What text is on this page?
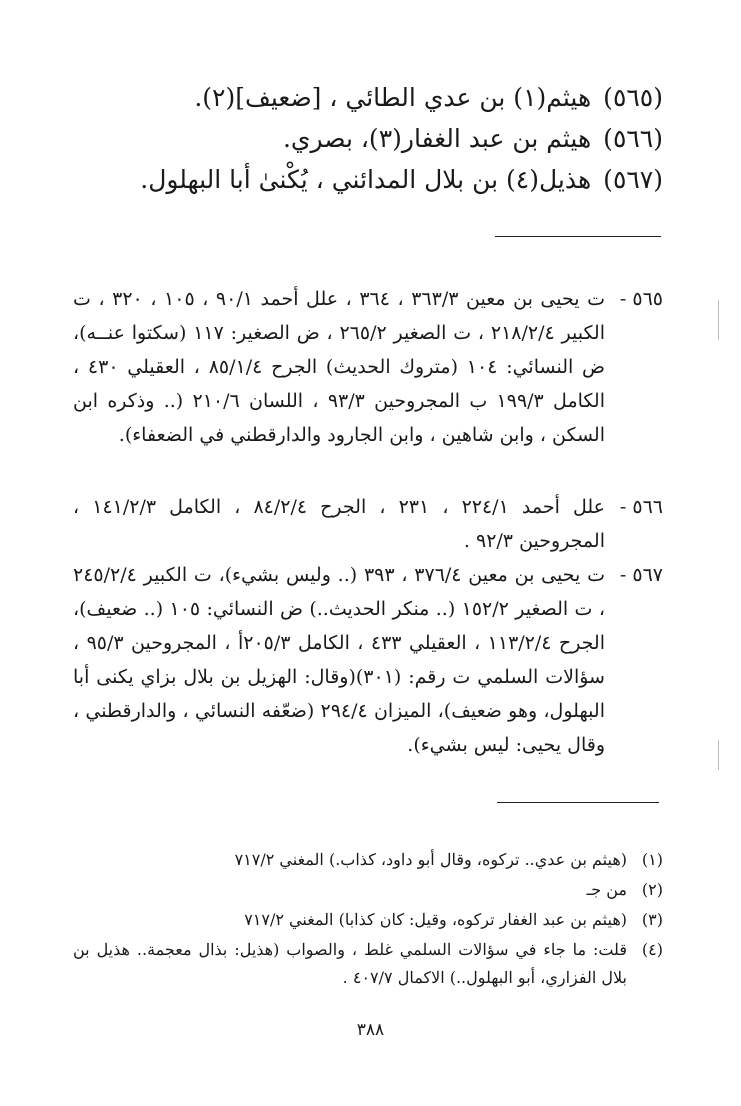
(٥٦٥)هيثم(١) بن عدي الطائي ، [ضعيف](٢).
(٥٦٦)هيثم بن عبد الغفار(٣)، بصري.
(٥٦٧)هذيل(٤) بن بلال المدائني ، يُكْنىٰ أبا البهلول.
٥٦٥ -
ت يحيى بن معين ٣٦٣/٣ ، ٣٦٤ ، علل أحمد ٩٠/١ ، ١٠٥ ، ٣٢٠ ، ت الكبير ٢١٨/٢/٤ ، ت الصغير ٢٦٥/٢ ، ض الصغير: ١١٧ (سكتوا عنــه)، ض النسائي: ١٠٤ (متروك الحديث) الجرح ٨٥/١/٤ ، العقيلي ٤٣٠ ، الكامل ١٩٩/٣ ب المجروحين ٩٣/٣ ، اللسان ٢١٠/٦ (.. وذكره ابن السكن ، وابن شاهين ، وابن الجارود والدارقطني في الضعفاء).
٥٦٦ -
علل أحمد ٢٢٤/١ ، ٢٣١ ، الجرح ٨٤/٢/٤ ، الكامل ١٤١/٢/٣ ، المجروحين ٩٢/٣ .
٥٦٧ -
ت يحيى بن معين ٣٧٦/٤ ، ٣٩٣ (.. وليس بشيء)، ت الكبير ٢٤٥/٢/٤ ، ت الصغير ١٥٢/٢ (.. منكر الحديث..) ض النسائي: ١٠٥ (.. ضعيف)، الجرح ١١٣/٢/٤ ، العقيلي ٤٣٣ ، الكامل ٢٠٥/٣أ ، المجروحين ٩٥/٣ ، سؤالات السلمي ت رقم: (٣٠١)(وقال: الهزيل بن بلال بزاي يكنى أبا البهلول، وهو ضعيف)، الميزان ٢٩٤/٤ (ضعّفه النسائي ، والدارقطني ، وقال يحيى: ليس بشيء).
(١)
(هيثم بن عدي.. تركوه، وقال أبو داود، كذاب.) المغني ٧١٧/٢
(٢)
من جـ
(٣)
(هيثم بن عبد الغفار تركوه، وقيل: كان كذابا) المغني ٧١٧/٢
(٤)
قلت: ما جاء في سؤالات السلمي غلط ، والصواب (هذيل: بذال معجمة.. هذيل بن بلال الفزاري، أبو البهلول..) الاكمال ٤٠٧/٧ .
٣٨٨
